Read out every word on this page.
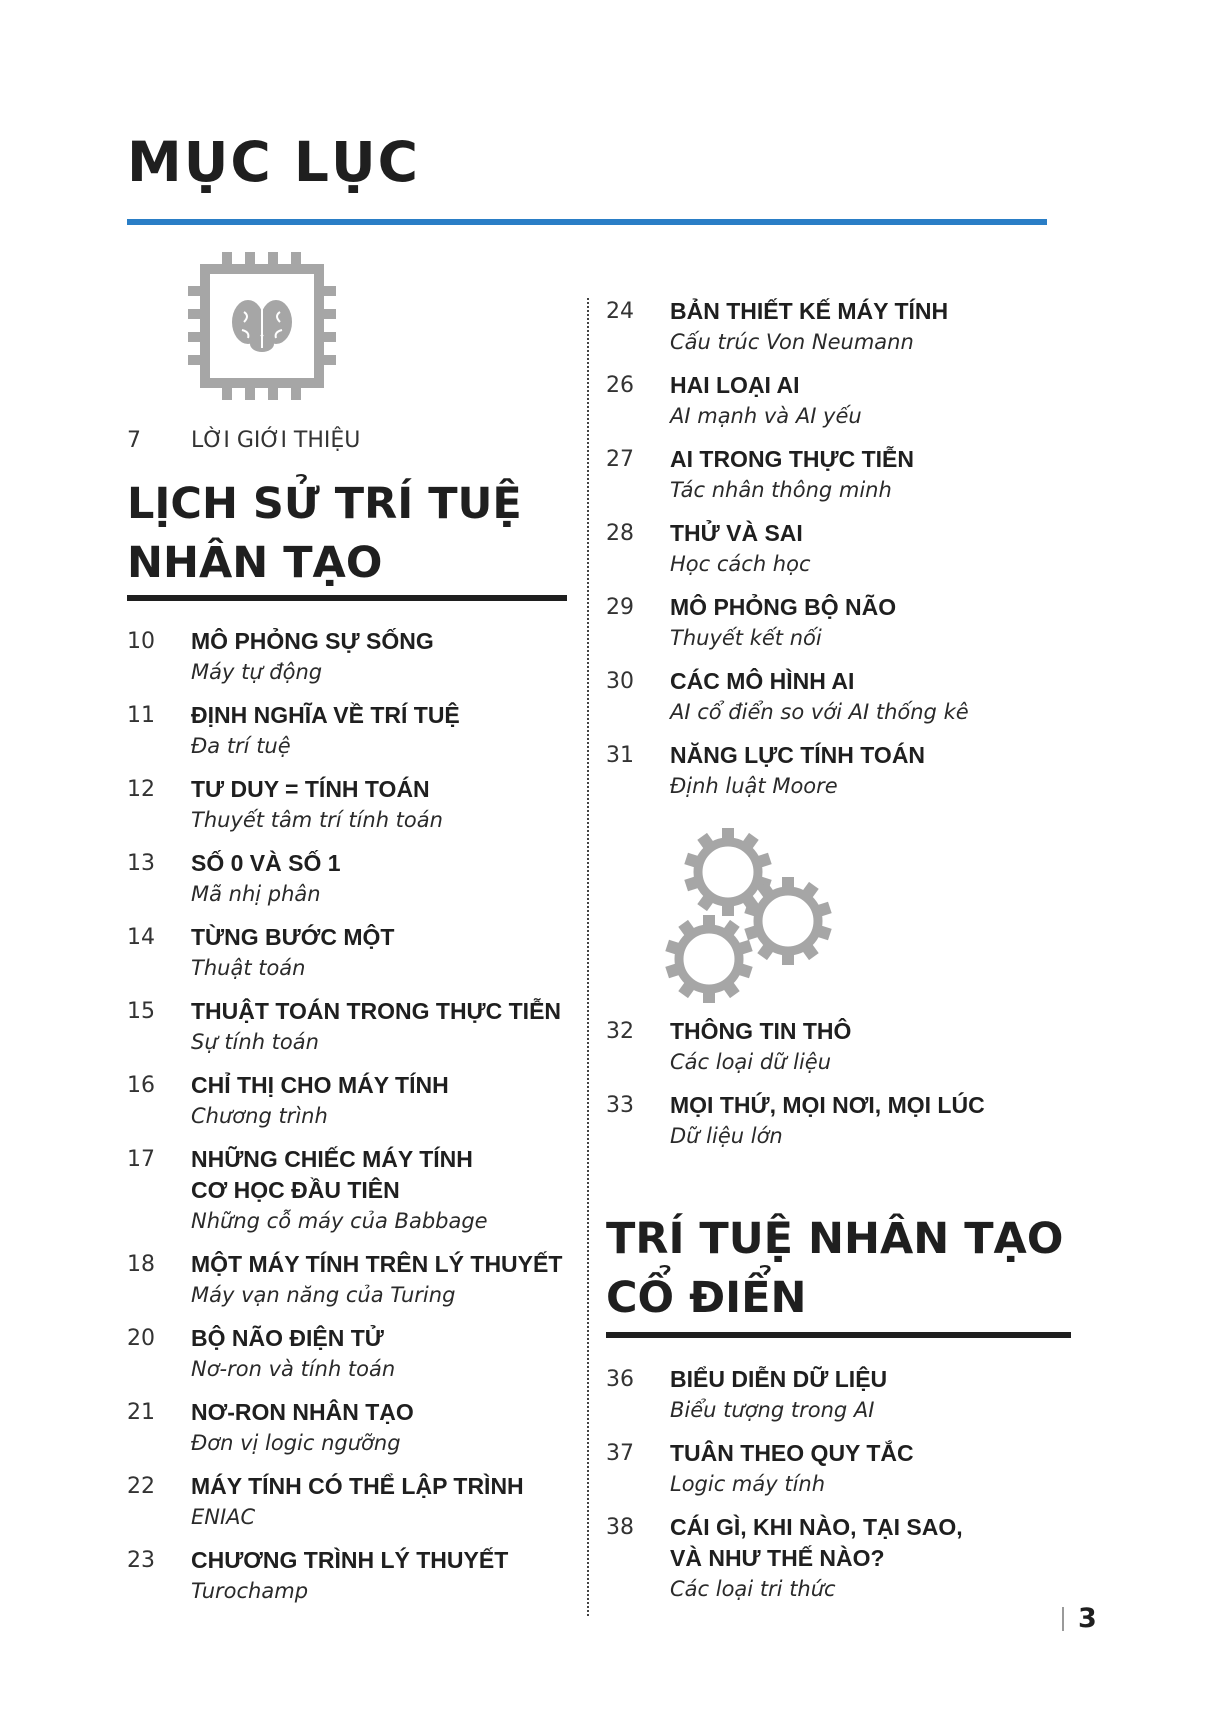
MỤC LỤC
7	LỜI GIỚI THIỆU
LỊCH SỬ TRÍ TUỆ
NHÂN TẠO
10 MÔ PHỎNG SỰ SỐNG
Máy tự động
11 ĐỊNH NGHĨA VỀ TRÍ TUỆ
Đa trí tuệ
12 TƯ DUY = TÍNH TOÁN
Thuyết tâm trí tính toán
13 SỐ 0 VÀ SỐ 1
Mã nhị phân
14 TỪNG BƯỚC MỘT
Thuật toán
15 THUẬT TOÁN TRONG THỰC TIỄN
Sự tính toán
16 CHỈ THỊ CHO MÁY TÍNH
Chương trình
17 NHỮNG CHIẾC MÁY TÍNH
CƠ HỌC ĐẦU TIÊN
Những cỗ máy của Babbage
18 MỘT MÁY TÍNH TRÊN LÝ THUYẾT
Máy vạn năng của Turing
20 BỘ NÃO ĐIỆN TỬ
Nơ-ron và tính toán
21 NƠ-RON NHÂN TẠO
Đơn vị logic ngưỡng
22 MÁY TÍNH CÓ THỂ LẬP TRÌNH
ENIAC
23 CHƯƠNG TRÌNH LÝ THUYẾT
Turochamp
24 BẢN THIẾT KẾ MÁY TÍNH
Cấu trúc Von Neumann
26 HAI LOẠI AI
AI mạnh và AI yếu
27 AI TRONG THỰC TIỄN
Tác nhân thông minh
28 THỬ VÀ SAI
Học cách học
29 MÔ PHỎNG BỘ NÃO
Thuyết kết nối
30 CÁC MÔ HÌNH AI
AI cổ điển so với AI thống kê
31 NĂNG LỰC TÍNH TOÁN
Định luật Moore
32 THÔNG TIN THÔ
Các loại dữ liệu
33 MỌI THỨ, MỌI NƠI, MỌI LÚC
Dữ liệu lớn
TRÍ TUỆ NHÂN TẠO
CỔ ĐIỂN
36 BIỂU DIỄN DỮ LIỆU
Biểu tượng trong AI
37 TUÂN THEO QUY TẮC
Logic máy tính
38 CÁI GÌ, KHI NÀO, TẠI SAO,
VÀ NHƯ THẾ NÀO?
Các loại tri thức
3
